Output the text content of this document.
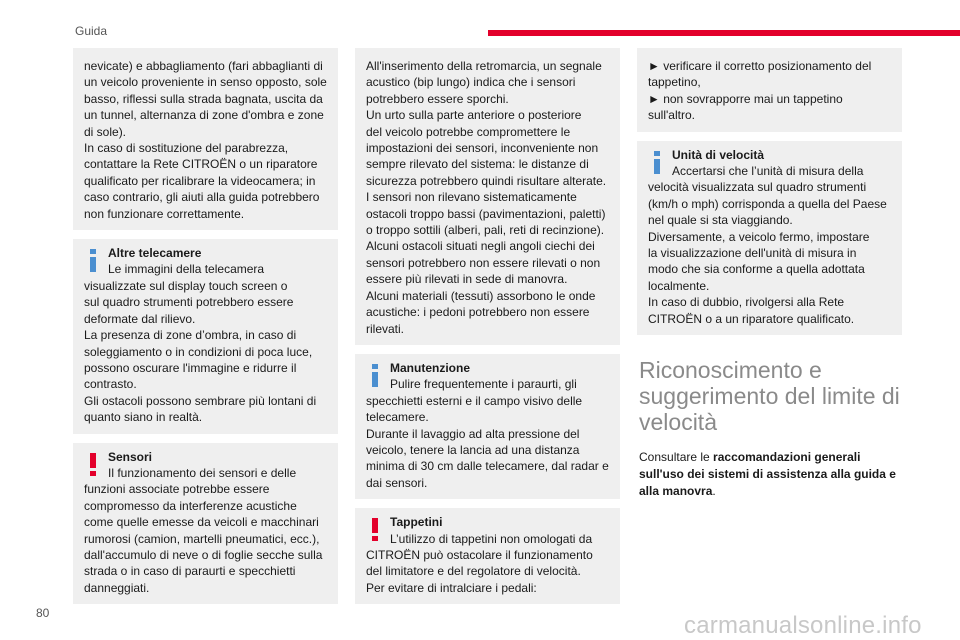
Guida

nevicate) e abbagliamento (fari abbaglianti di

un veicolo proveniente in senso opposto, sole

basso, riflessi sulla strada bagnata, uscita da

un tunnel, alternanza di zone d'ombra e zone

di sole).

In caso di sostituzione del parabrezza,

contattare la Rete CITROËN o un riparatore

qualificato per ricalibrare la videocamera; in

caso contrario, gli aiuti alla guida potrebbero

non funzionare correttamente.

Altre telecamere

Le immagini della telecamera

visualizzate sul display touch screen o

sul quadro strumenti potrebbero essere

deformate dal rilievo.

La presenza di zone d’ombra, in caso di

soleggiamento o in condizioni di poca luce,

possono oscurare l'immagine e ridurre il

contrasto.

Gli ostacoli possono sembrare più lontani di

quanto siano in realtà.

Sensori

Il funzionamento dei sensori e delle

funzioni associate potrebbe essere

compromesso da interferenze acustiche

come quelle emesse da veicoli e macchinari

rumorosi (camion, martelli pneumatici, ecc.),

dall'accumulo di neve o di foglie secche sulla

strada o in caso di paraurti e specchietti

danneggiati.

All'inserimento della retromarcia, un segnale

acustico (bip lungo) indica che i sensori

potrebbero essere sporchi.

Un urto sulla parte anteriore o posteriore

del veicolo potrebbe compromettere le

impostazioni dei sensori, inconveniente non

sempre rilevato del sistema: le distanze di

sicurezza potrebbero quindi risultare alterate.

I sensori non rilevano sistematicamente

ostacoli troppo bassi (pavimentazioni, paletti)

o troppo sottili (alberi, pali, reti di recinzione).

Alcuni ostacoli situati negli angoli ciechi dei

sensori potrebbero non essere rilevati o non

essere più rilevati in sede di manovra.

Alcuni materiali (tessuti) assorbono le onde

acustiche: i pedoni potrebbero non essere

rilevati.

Manutenzione

Pulire frequentemente i paraurti, gli

specchietti esterni e il campo visivo delle

telecamere.

Durante il lavaggio ad alta pressione del

veicolo, tenere la lancia ad una distanza

minima di 30 cm dalle telecamere, dal radar e

dai sensori.

Tappetini

L’utilizzo di tappetini non omologati da

CITROËN può ostacolare il funzionamento

del limitatore e del regolatore di velocità.

Per evitare di intralciare i pedali:

► verificare il corretto posizionamento del

tappetino,

► non sovrapporre mai un tappetino

sull'altro.

Unità di velocità

Accertarsi che l’unità di misura della

velocità visualizzata sul quadro strumenti

(km/h o mph) corrisponda a quella del Paese

nel quale si sta viaggiando.

Diversamente, a veicolo fermo, impostare

la visualizzazione dell'unità di misura in

modo che sia conforme a quella adottata

localmente.

In caso di dubbio, rivolgersi alla Rete

CITROËN o a un riparatore qualificato.

Riconoscimento e
suggerimento del limite di
velocità

Consultare le raccomandazioni generali
sull'uso dei sistemi di assistenza alla guida e
alla manovra.

80	carmanualsonline.info
